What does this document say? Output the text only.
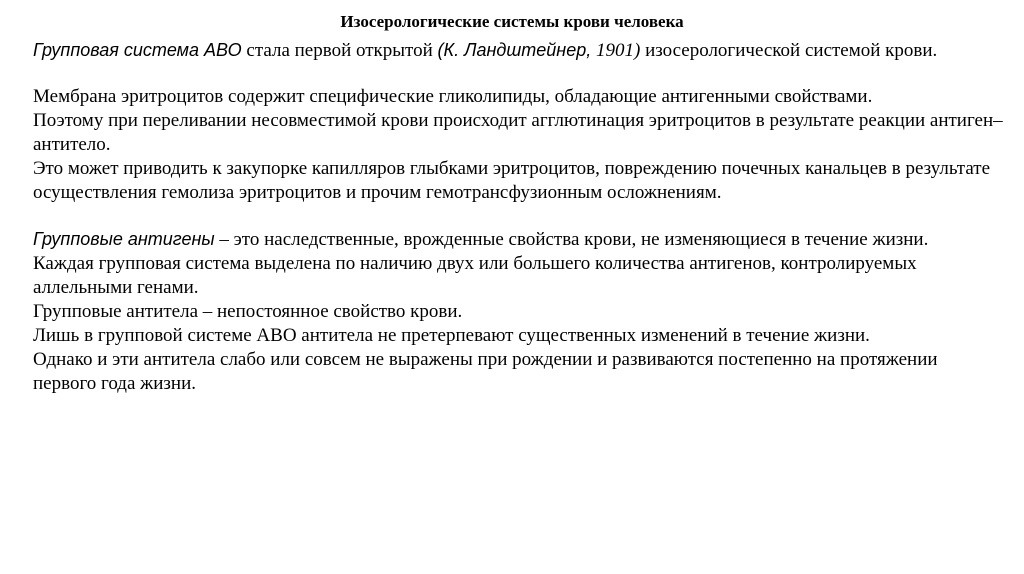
Изосерологические системы крови человека

Групповая система АВО стала первой открытой (К. Ландштейнер, 1901) изосерологической системой крови.

Мембрана эритроцитов содержит специфические гликолипиды, обладающие антигенными свойствами.

Поэтому при переливании несовместимой крови происходит агглютинация эритроцитов в результате реакции антиген–антитело.

Это может приводить к закупорке капилляров глыбками эритроцитов, повреждению почечных канальцев в результате осуществления гемолиза эритроцитов и прочим гемотрансфузионным осложнениям.

Групповые антигены – это наследственные, врожденные свойства крови, не изменяющиеся в течение жизни.

Каждая групповая система выделена по наличию двух или большего количества антигенов, контролируемых аллельными генами.

Групповые антитела – непостоянное свойство крови.

Лишь в групповой системе АВО антитела не претерпевают существенных изменений в течение жизни.

Однако и эти антитела слабо или совсем не выражены при рождении и развиваются постепенно на протяжении первого года жизни.
